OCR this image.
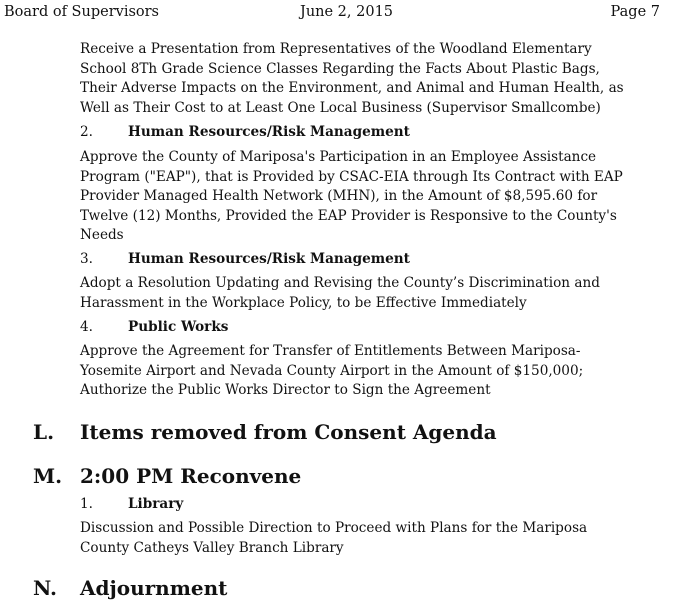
Board of Supervisors	June 2, 2015	Page 7
Receive a Presentation from Representatives of the Woodland Elementary
School 8Th Grade Science Classes Regarding the Facts About Plastic Bags,
Their Adverse Impacts on the Environment, and Animal and Human Health, as
Well as Their Cost to at Least One Local Business (Supervisor Smallcombe)
2.	Human Resources/Risk Management
Approve the County of Mariposa's Participation in an Employee Assistance
Program ("EAP"), that is Provided by CSAC-EIA through Its Contract with EAP
Provider Managed Health Network (MHN), in the Amount of $8,595.60 for
Twelve (12) Months, Provided the EAP Provider is Responsive to the County's
Needs
3.	Human Resources/Risk Management
Adopt a Resolution Updating and Revising the County’s Discrimination and
Harassment in the Workplace Policy, to be Effective Immediately
4.	Public Works
Approve the Agreement for Transfer of Entitlements Between Mariposa-
Yosemite Airport and Nevada County Airport in the Amount of $150,000;
Authorize the Public Works Director to Sign the Agreement
L. Items removed from Consent Agenda
M. 2:00 PM Reconvene
1.	Library
Discussion and Possible Direction to Proceed with Plans for the Mariposa
County Catheys Valley Branch Library
N. Adjournment
